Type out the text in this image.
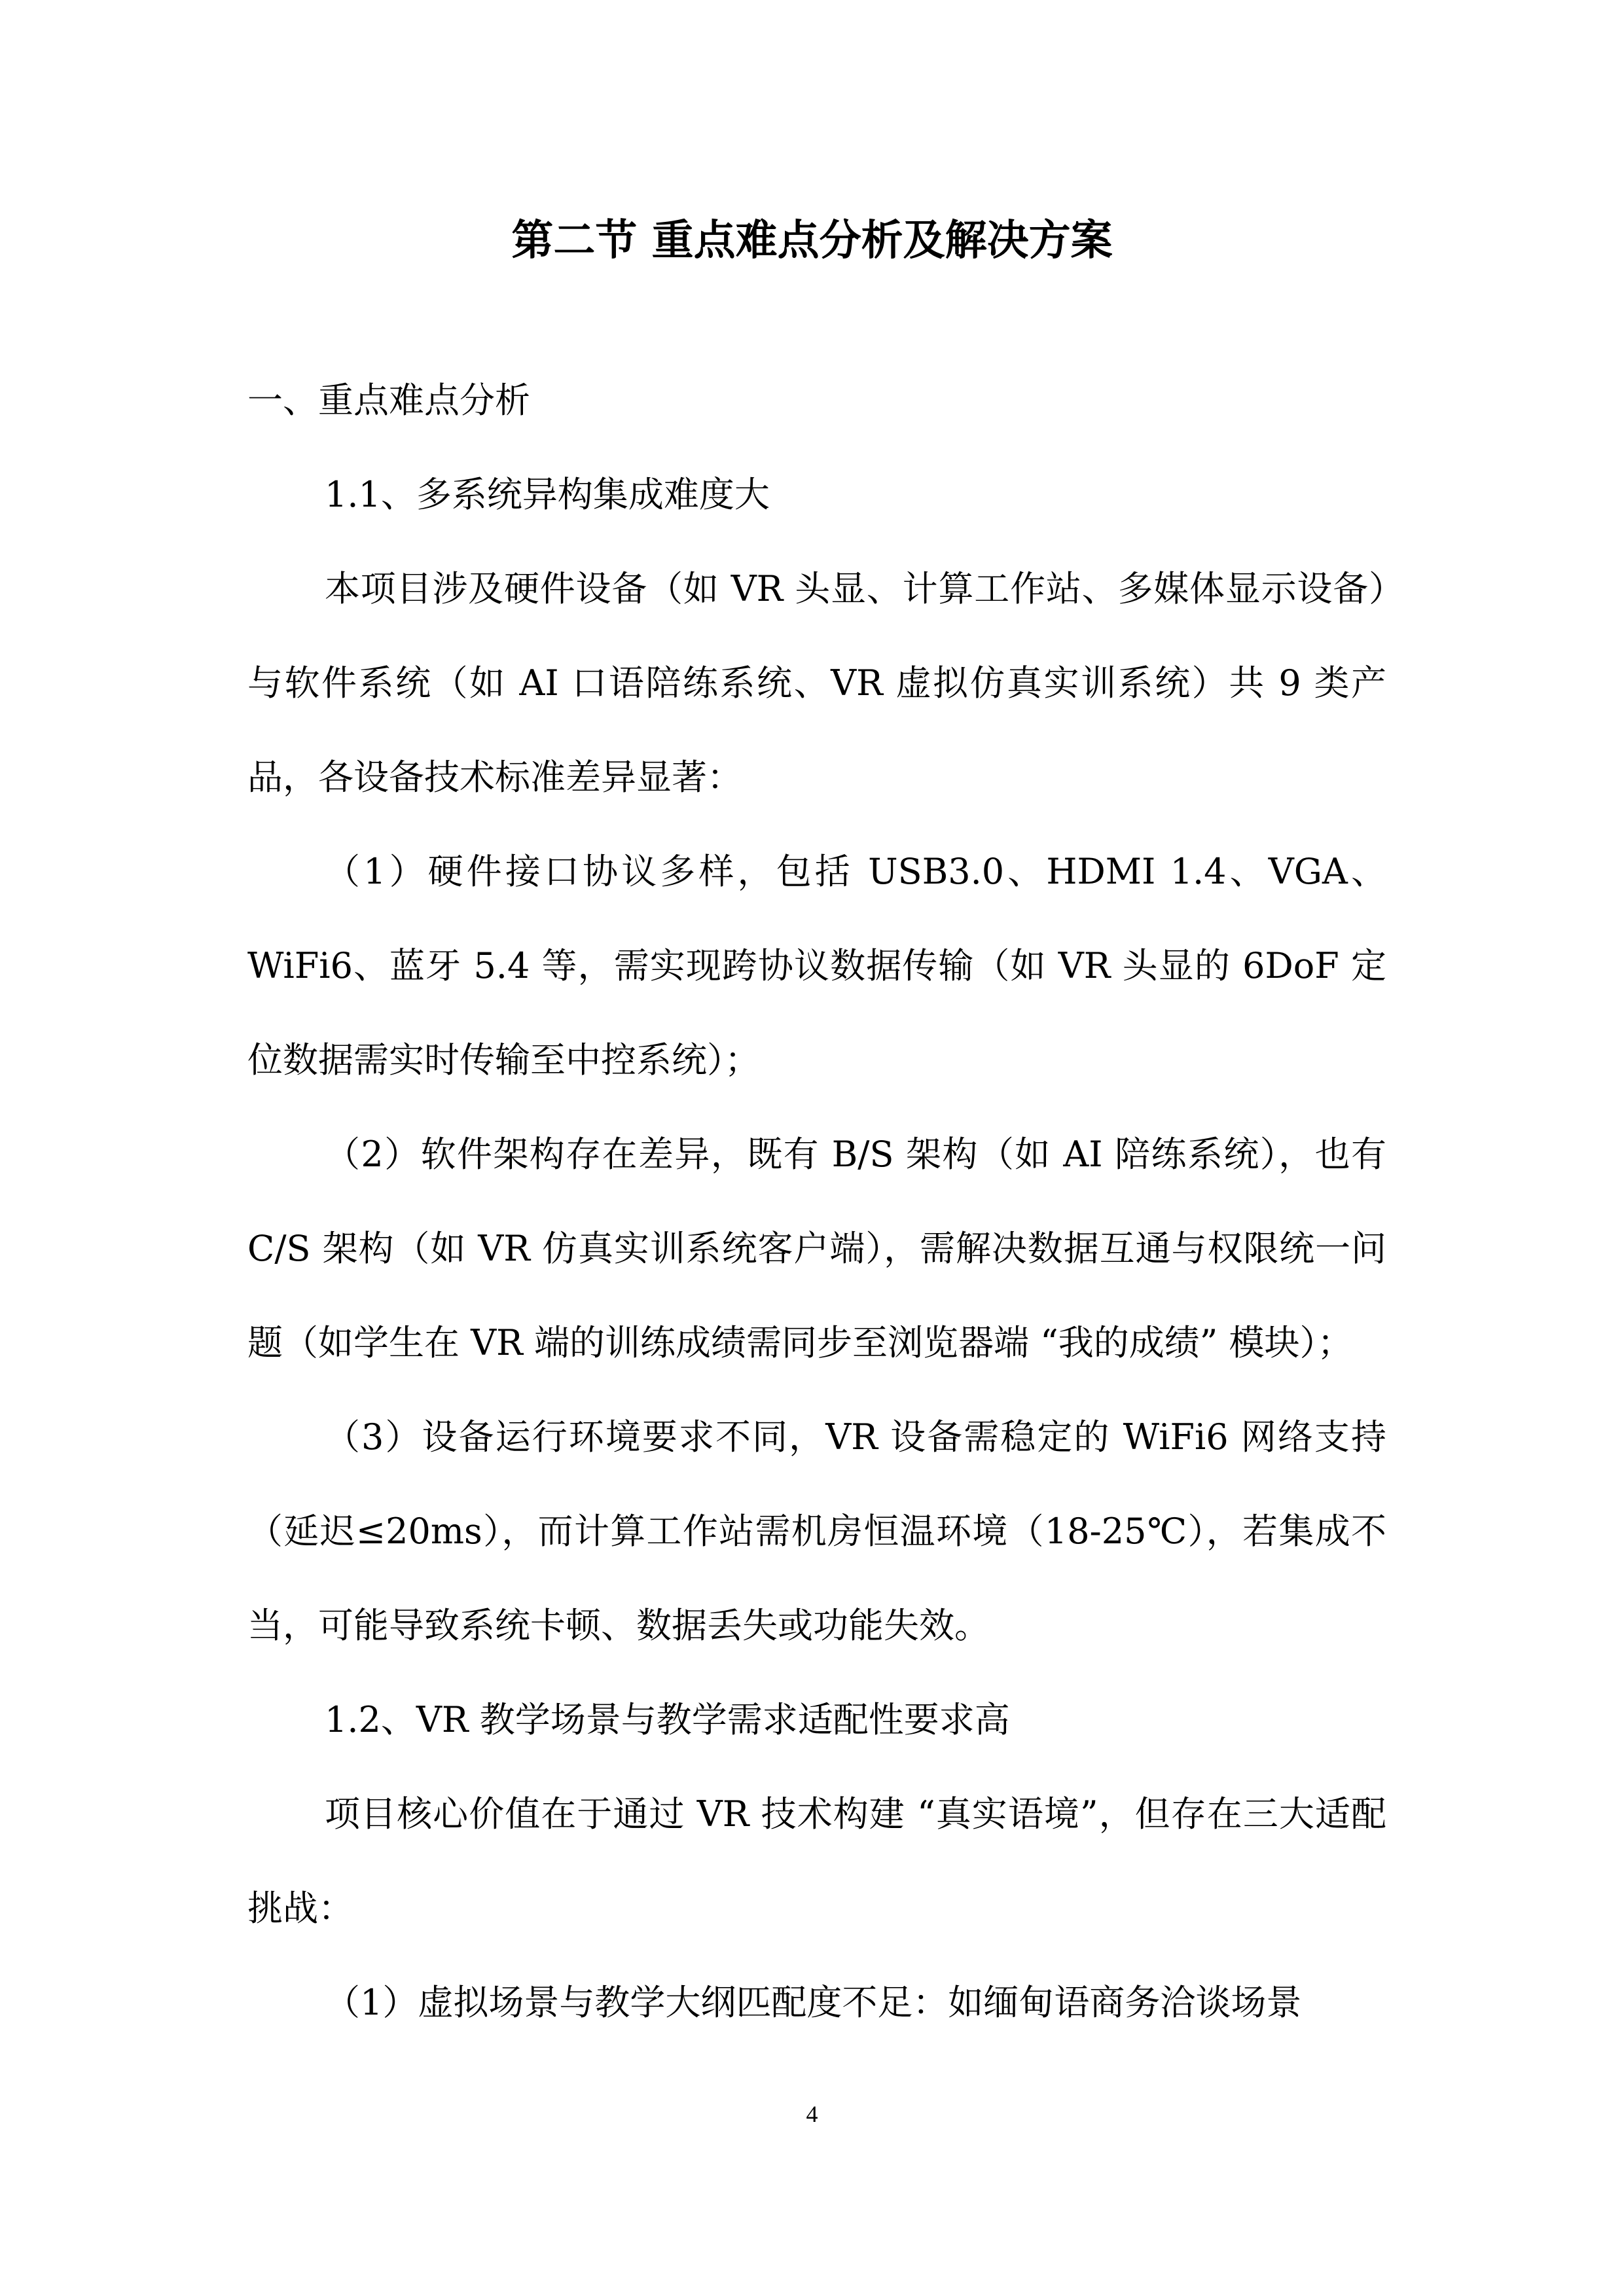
第二节 重点难点分析及解决方案

一、重点难点分析

1.1、多系统异构集成难度大

本项目涉及硬件设备（如 VR 头显、计算工作站、多媒体显示设备）与软件系统（如 AI 口语陪练系统、VR 虚拟仿真实训系统）共 9 类产品，各设备技术标准差异显著：

（1）硬件接口协议多样，包括 USB3.0、HDMI 1.4、VGA、WiFi6、蓝牙 5.4 等，需实现跨协议数据传输（如 VR 头显的 6DoF 定位数据需实时传输至中控系统）；

（2）软件架构存在差异，既有 B/S 架构（如 AI 陪练系统），也有 C/S 架构（如 VR 仿真实训系统客户端），需解决数据互通与权限统一问题（如学生在 VR 端的训练成绩需同步至浏览器端 “我的成绩” 模块）；

（3）设备运行环境要求不同，VR 设备需稳定的 WiFi6 网络支持（延迟≤20ms），而计算工作站需机房恒温环境（18-25℃），若集成不当，可能导致系统卡顿、数据丢失或功能失效。

1.2、VR 教学场景与教学需求适配性要求高

项目核心价值在于通过 VR 技术构建 “真实语境”，但存在三大适配挑战：

（1）虚拟场景与教学大纲匹配度不足：如缅甸语商务洽谈场景

4
